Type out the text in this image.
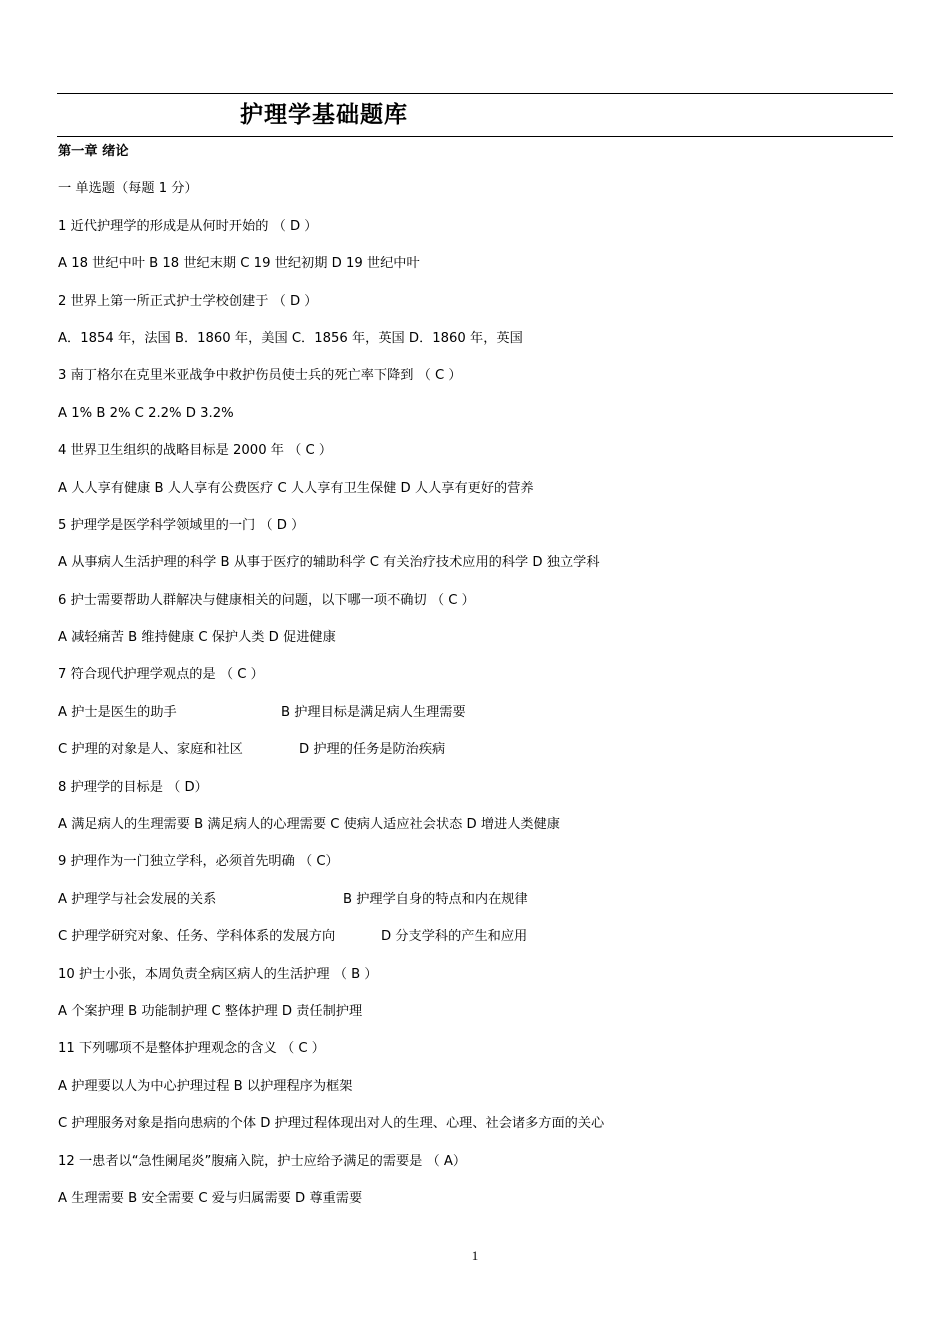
护理学基础题库
第一章 绪论
一 单选题（每题 1 分）
1 近代护理学的形成是从何时开始的 （ D ）
A 18 世纪中叶 B 18 世纪末期 C 19 世纪初期 D 19 世纪中叶
2 世界上第一所正式护士学校创建于 （ D ）
A．1854 年，法国 B．1860 年，美国 C．1856 年，英国 D．1860 年，英国
3 南丁格尔在克里米亚战争中救护伤员使士兵的死亡率下降到 （ C ）
A 1% B 2% C 2.2% D 3.2%
4 世界卫生组织的战略目标是 2000 年 （ C ）
A 人人享有健康 B 人人享有公费医疗 C 人人享有卫生保健 D 人人享有更好的营养
5 护理学是医学科学领域里的一门 （ D ）
A 从事病人生活护理的科学 B 从事于医疗的辅助科学 C 有关治疗技术应用的科学 D 独立学科
6 护士需要帮助人群解决与健康相关的问题，以下哪一项不确切 （ C ）
A 减轻痛苦 B 维持健康 C 保护人类 D 促进健康
7 符合现代护理学观点的是 （ C ）
A 护士是医生的助手	B 护理目标是满足病人生理需要
C 护理的对象是人、家庭和社区	D 护理的任务是防治疾病
8 护理学的目标是 （ D）
A 满足病人的生理需要 B 满足病人的心理需要 C 使病人适应社会状态 D 增进人类健康
9 护理作为一门独立学科，必须首先明确 （ C）
A 护理学与社会发展的关系	B 护理学自身的特点和内在规律
C 护理学研究对象、任务、学科体系的发展方向	D 分支学科的产生和应用
10 护士小张，本周负责全病区病人的生活护理 （ B ）
A 个案护理 B 功能制护理 C 整体护理 D 责任制护理
11 下列哪项不是整体护理观念的含义 （ C ）
A 护理要以人为中心护理过程 B 以护理程序为框架
C 护理服务对象是指向患病的个体 D 护理过程体现出对人的生理、心理、社会诸多方面的关心
12 一患者以“急性阑尾炎”腹痛入院，护士应给予满足的需要是 （ A）
A 生理需要 B 安全需要 C 爱与归属需要 D 尊重需要
1
